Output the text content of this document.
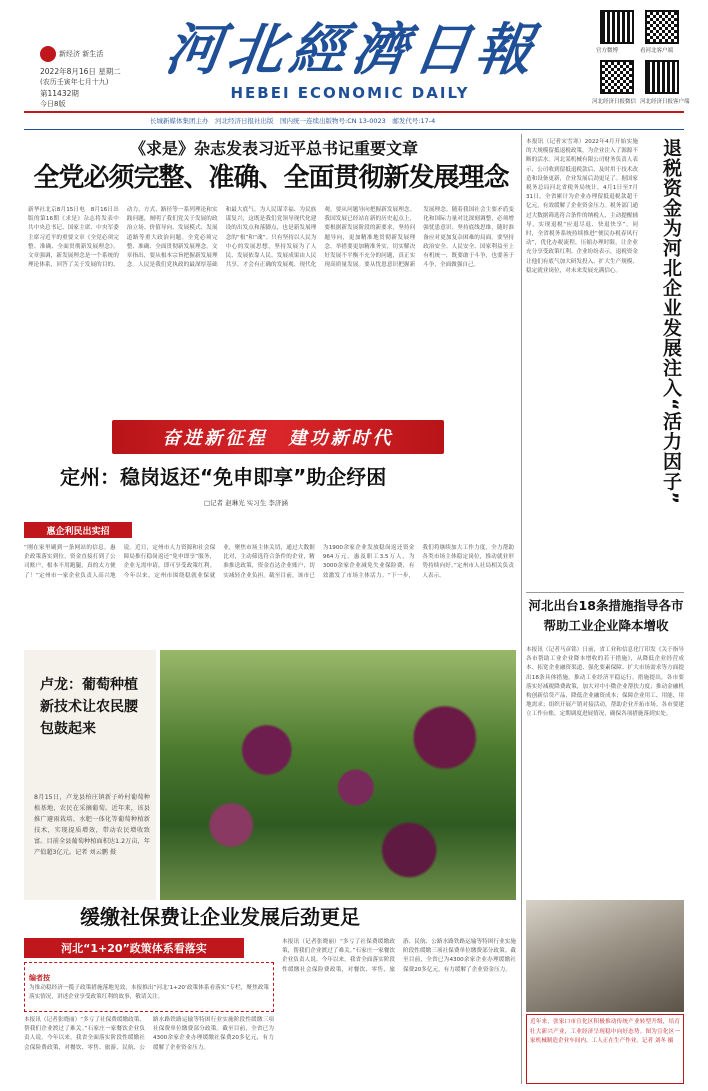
新经济 新生活
2022年8月16日 星期二
(农历壬寅年七月十九)
第11432期
今日8版
河北經濟日報
HEBEI ECONOMIC DAILY
官方微博	看河北客户端
河北经济日报微信 河北经济日报客户端
长城新媒体集团主办　河北经济日报社出版　国内统一连续出版物号:CN 13-0023　邮发代号:17-4
《求是》杂志发表习近平总书记重要文章
全党必须完整、准确、全面贯彻新发展理念
新华社北京8月15日电　8月16日出版的第16期《求是》杂志将发表中共中央总书记、国家主席、中央军委主席习近平的重要文章《全党必须完整、准确、全面贯彻新发展理念》。文章强调，新发展理念是一个系统的理论体系，回答了关于发展的目的、动力、方式、路径等一系列理论和实践问题，阐明了我们党关于发展的政治立场、价值导向、发展模式、发展道路等重大政治问题。全党必须完整、准确、全面贯彻新发展理念。文章指出，要从根本宗旨把握新发展理念。人民是我们党执政的最深厚基础和最大底气。为人民谋幸福、为民族谋复兴，这既是我们党领导现代化建设的出发点和落脚点，也是新发展理念的“根”和“魂”。只有坚持以人民为中心的发展思想，坚持发展为了人民、发展依靠人民、发展成果由人民共享，才会有正确的发展观、现代化观。要从问题导向把握新发展理念。我国发展已经站在新的历史起点上，要根据新发展阶段的新要求，坚持问题导向，更加精准地贯彻新发展理念，举措要更加精准务实，切实解决好发展不平衡不充分的问题，真正实现高质量发展。要从忧患意识把握新发展理念。随着我国社会主要矛盾变化和国际力量对比深刻调整，必须增强忧患意识、坚持底线思维，随时准备应对更加复杂困难的局面。要坚持政治安全、人民安全、国家利益至上有机统一，既要敢于斗争，也要善于斗争，全面做强自己。
奋进新征程　建功新时代
定州：稳岗返还“免申即享”助企纾困
□记者 赵琳光 实习生 李济涵
惠企利民出实招
“刚在家里刷到一条网站的信息，惠企政策落实到位，资金直接打到了公司账户，根本不用跑腿，真的太方便了！”定州市一家企业负责人高兴地说。近日，定州市人力资源和社会保障局推行稳岗返还“免申即享”服务，企业无需申请，即可享受政策红利。今年以来，定州市围绕稳就业保就业，聚焦市场主体关切，通过大数据比对，主动筛选符合条件的企业，精准推送政策，资金直达企业账户，切实减轻企业负担。截至目前，该市已为1900余家企业发放稳岗返还资金964万元，惠及职工3.5万人，为3000余家企业减免失业保险费，有效激发了市场主体活力。“下一步，我们将继续加大工作力度，全力帮助各类市场主体稳定岗位，推动就业形势持续向好。”定州市人社局相关负责人表示。
卢龙：葡萄种植新技术让农民腰包鼓起来
8月15日，卢龙县柏庄镇新子岭村葡萄种植基地，农民在采摘葡萄。近年来，该县推广避雨栽培、水肥一体化等葡萄种植新技术，实现提质增效，带动农民增收致富。目前全县葡萄种植面积达1.2万亩，年产值超3亿元。记者 刘云鹏 摄
缓缴社保费让企业发展后劲更足
河北“1+20”政策体系看落实
编者按
为推动稳经济一揽子政策措施落地见效，本报推出“河北‘1+20’政策体系看落实”专栏，聚焦政策落实情况，讲述企业享受政策红利的故事，敬请关注。
本报讯（记者张晓丽）“多亏了社保费缓缴政策，帮我们企业渡过了难关。”石家庄一家餐饮企业负责人说。今年以来，我省全面落实阶段性缓缴社会保险费政策，对餐饮、零售、旅游、民航、公路水路铁路运输等特困行业实施阶段性缓缴三项社保费单位缴费部分政策。截至目前，全省已为4300余家企业办理缓缴社保费20多亿元，有力缓解了企业资金压力。
本报讯（记者张晓丽）“多亏了社保费缓缴政策，帮我们企业渡过了难关。”石家庄一家餐饮企业负责人说。今年以来，我省全面落实阶段性缓缴社会保险费政策，对餐饮、零售、旅游、民航、公路水路铁路运输等特困行业实施阶段性缓缴三项社保费单位缴费部分政策。截至目前，全省已为4300余家企业办理缓缴社保费20多亿元，有力缓解了企业资金压力。
本报讯（记者宋雪寒）2022年4月开始实施的大规模留抵退税政策，为企业注入了源源不断的活水。河北某机械有限公司财务负责人表示，公司收到留抵退税款后，及时用于技术改造和设备更新，企业发展后劲更足了。据国家税务总局河北省税务局统计，4月1日至7月31日，全省累计为企业办理留抵退税款超千亿元，有效缓解了企业资金压力。税务部门通过大数据筛选符合条件的纳税人，主动提醒辅导，实现退税“应退尽退、快退快享”。同时，全省税务系统持续推进“便民办税春风行动”，优化办税流程，压缩办理时限，让企业充分享受政策红利。企业纷纷表示，退税资金让他们有底气加大研发投入、扩大生产规模、稳定就业岗位，对未来发展充满信心。	退税资金为河北企业发展注入“活力因子”
河北出台18条措施指导各市帮助工业企业降本增收
本报讯（记者马彦铭）日前，省工业和信息化厅印发《关于指导各市帮助工业企业降本增收的若干措施》，从降低企业经营成本、拓宽企业融资渠道、强化要素保障、扩大市场需求等方面提出18条具体措施，推动工业经济平稳运行。措施提出，各市要落实好减税降费政策，加大对中小微企业帮扶力度；推动金融机构创新信贷产品，降低企业融资成本；保障企业用工、用能、用地需求；组织开展产销对接活动，帮助企业开拓市场。各市要建立工作台账，定期调度进展情况，确保各项措施落到实处。
近年来，张家口市宣化区积极推动传统产业转型升级，培育壮大新兴产业，工业经济呈现稳中向好态势。图为宣化区一家机械制造企业车间内，工人正在生产作业。记者 刘冬 摄
